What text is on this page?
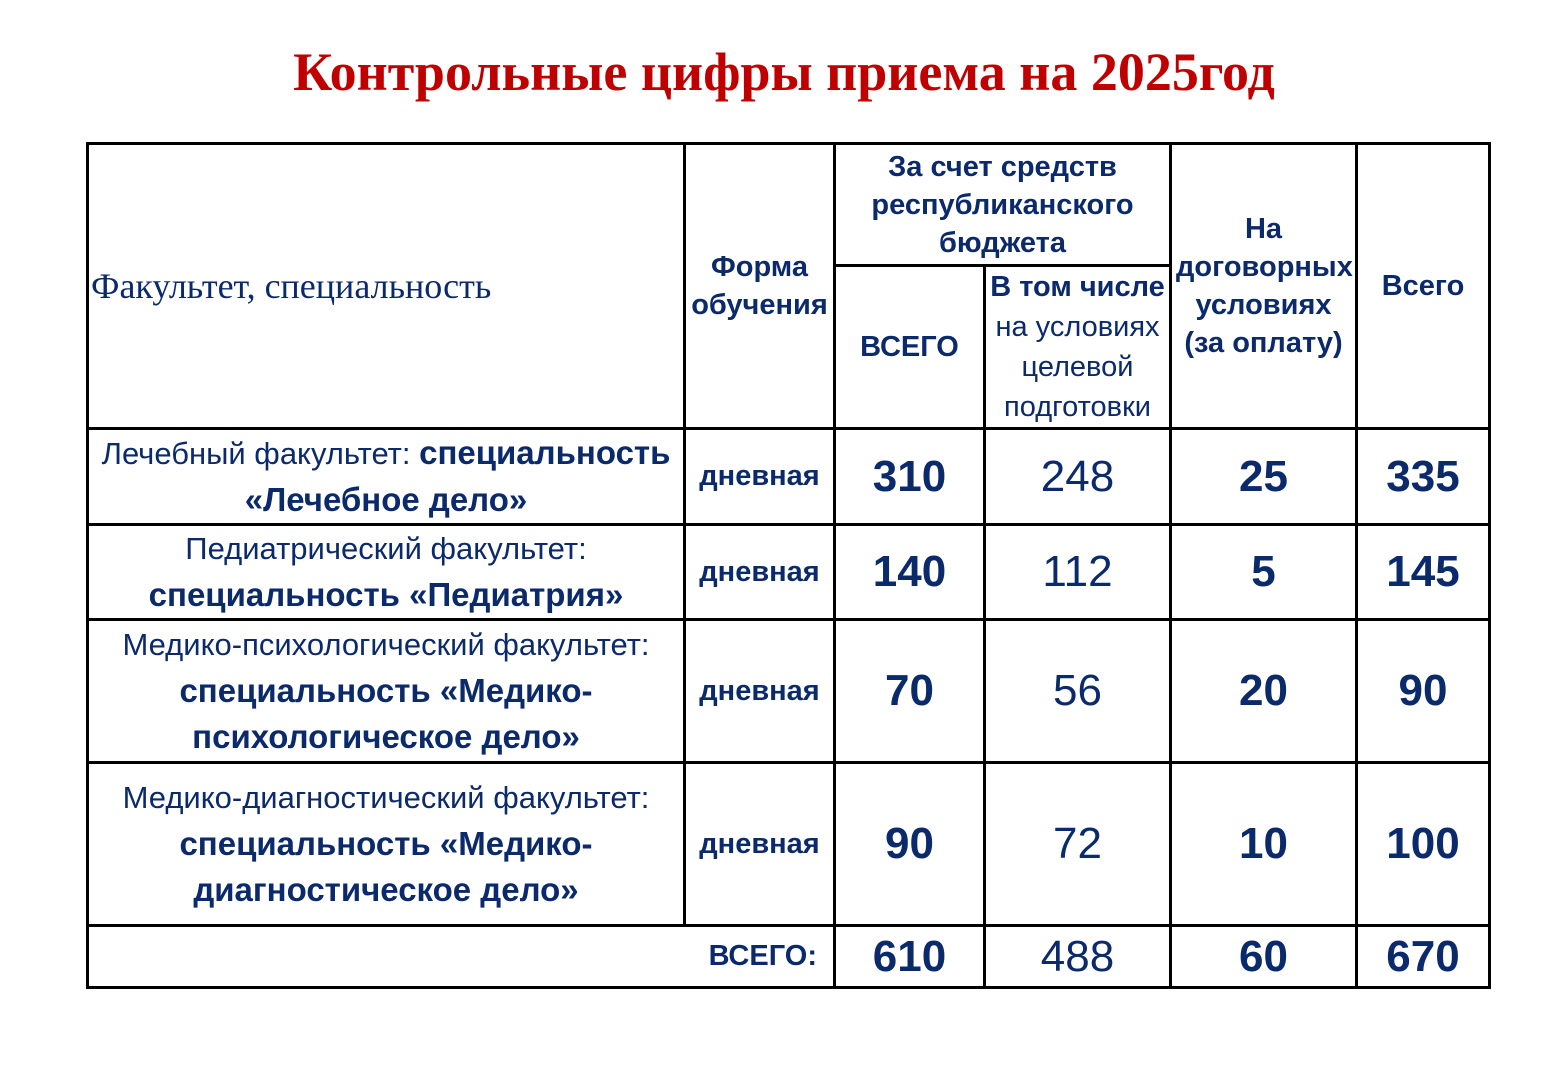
Контрольные цифры приема на 2025год
Факультет, специальность	Форма обучения	За счет средств республиканского бюджета		На договорных условиях (за оплату)	Всего
		ВСЕГО	В том числе
на условиях целевой подготовки		
Лечебный факультет: специальность
«Лечебное дело»	дневная	310	248	25	335
Педиатрический факультет:
специальность «Педиатрия»	дневная	140	112	5	145
Медико-психологический факультет:
специальность «Медико-
психологическое дело»	дневная	70	56	20	90
Медико-диагностический факультет:
специальность «Медико-
диагностическое дело»	дневная	90	72	10	100
ВСЕГО:		610	488	60	670
